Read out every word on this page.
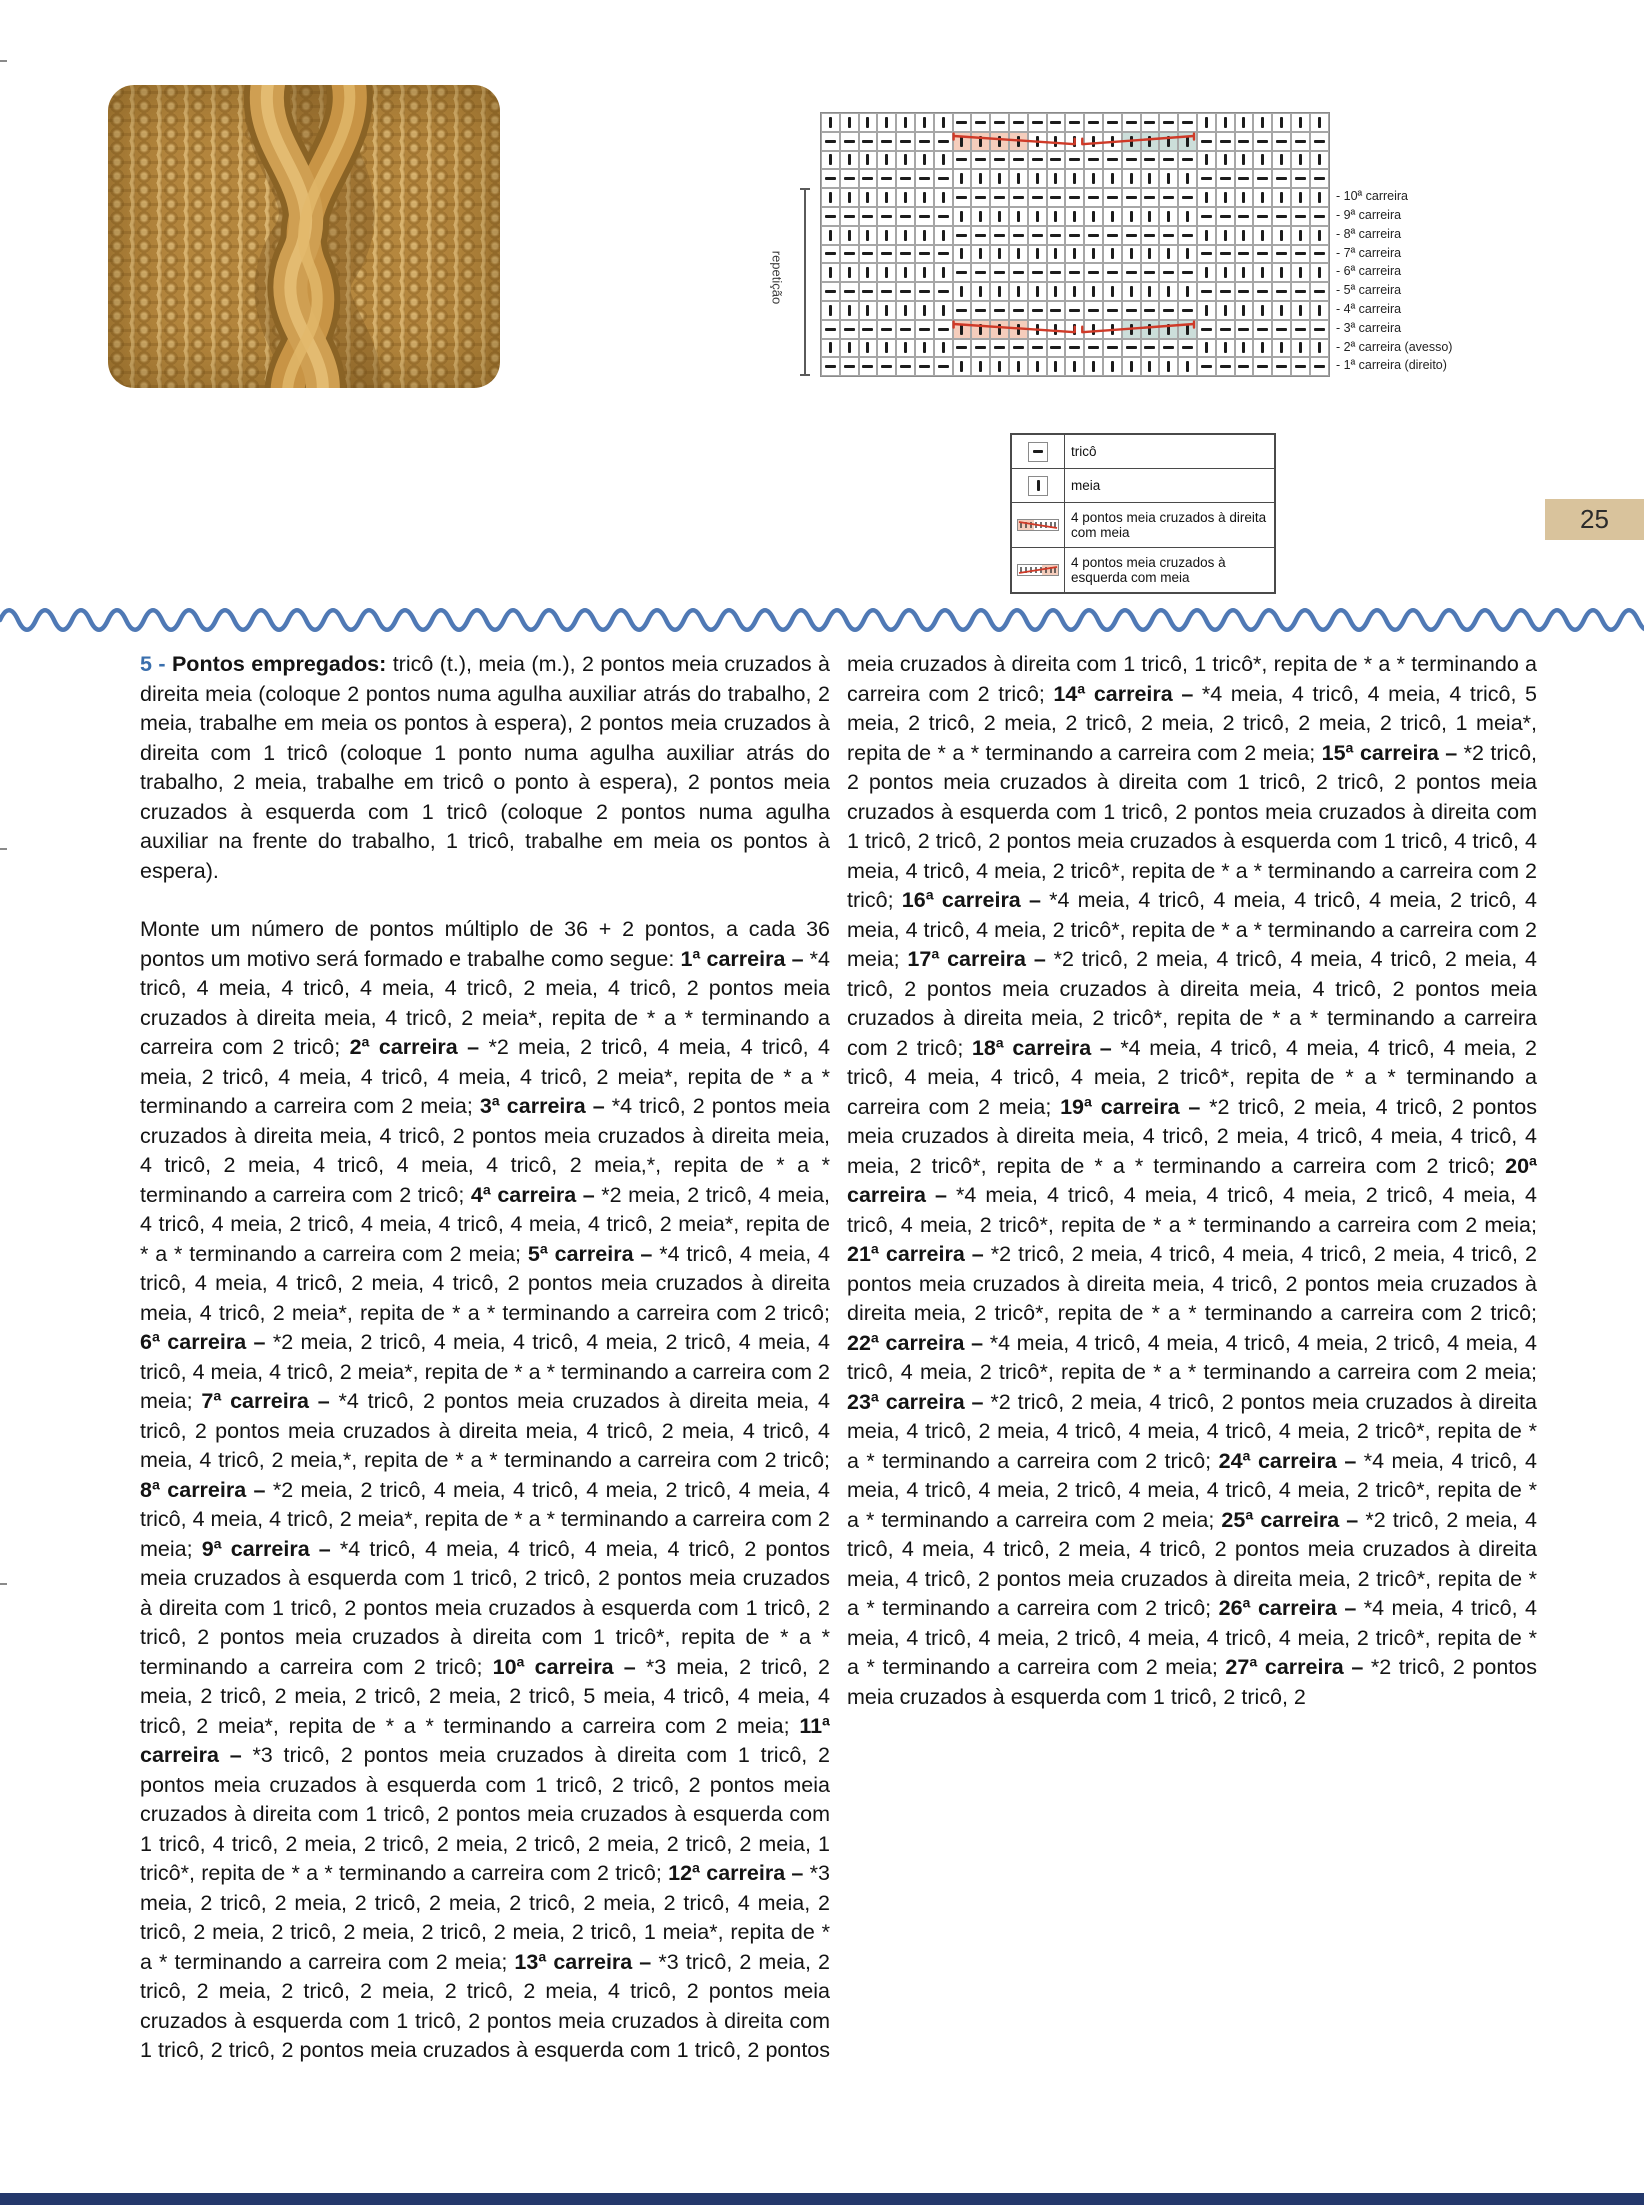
- 10ª carreira
- 9ª carreira
- 8ª carreira
- 7ª carreira
- 6ª carreira
- 5ª carreira
- 4ª carreira
- 3ª carreira
- 2ª carreira (avesso)
- 1ª carreira (direito)
repetição
tricô
meia
4 pontos meia cruzados à direita com meia
4 pontos meia cruzados à esquerda com meia
25

5 - Pontos empregados: tricô (t.), meia (m.), 2 pontos meia cruzados à direita meia (coloque 2 pontos numa agulha auxiliar atrás do trabalho, 2 meia, trabalhe em meia os pontos à espera), 2 pontos meia cruzados à direita com 1 tricô (coloque 1 ponto numa agulha auxiliar atrás do trabalho, 2 meia, trabalhe em tricô o ponto à espera), 2 pontos meia cruzados à esquerda com 1 tricô (coloque 2 pontos numa agulha auxiliar na frente do trabalho, 1 tricô, trabalhe em meia os pontos à espera).

Monte um número de pontos múltiplo de 36 + 2 pontos, a cada 36 pontos um motivo será formado e trabalhe como segue: 1ª carreira – *4 tricô, 4 meia, 4 tricô, 4 meia, 4 tricô, 2 meia, 4 tricô, 2 pontos meia cruzados à direita meia, 4 tricô, 2 meia*, repita de * a * terminando a carreira com 2 tricô; 2ª carreira – *2 meia, 2 tricô, 4 meia, 4 tricô, 4 meia, 2 tricô, 4 meia, 4 tricô, 4 meia, 4 tricô, 2 meia*, repita de * a * terminando a carreira com 2 meia; 3ª carreira – *4 tricô, 2 pontos meia cruzados à direita meia, 4 tricô, 2 pontos meia cruzados à direita meia, 4 tricô, 2 meia, 4 tricô, 4 meia, 4 tricô, 2 meia,*, repita de * a * terminando a carreira com 2 tricô; 4ª carreira – *2 meia, 2 tricô, 4 meia, 4 tricô, 4 meia, 2 tricô, 4 meia, 4 tricô, 4 meia, 4 tricô, 2 meia*, repita de * a * terminando a carreira com 2 meia; 5ª carreira – *4 tricô, 4 meia, 4 tricô, 4 meia, 4 tricô, 2 meia, 4 tricô, 2 pontos meia cruzados à direita meia, 4 tricô, 2 meia*, repita de * a * terminando a carreira com 2 tricô; 6ª carreira – *2 meia, 2 tricô, 4 meia, 4 tricô, 4 meia, 2 tricô, 4 meia, 4 tricô, 4 meia, 4 tricô, 2 meia*, repita de * a * terminando a carreira com 2 meia; 7ª carreira – *4 tricô, 2 pontos meia cruzados à direita meia, 4 tricô, 2 pontos meia cruzados à direita meia, 4 tricô, 2 meia, 4 tricô, 4 meia, 4 tricô, 2 meia,*, repita de * a * terminando a carreira com 2 tricô; 8ª carreira – *2 meia, 2 tricô, 4 meia, 4 tricô, 4 meia, 2 tricô, 4 meia, 4 tricô, 4 meia, 4 tricô, 2 meia*, repita de * a * terminando a carreira com 2 meia; 9ª carreira – *4 tricô, 4 meia, 4 tricô, 4 meia, 4 tricô, 2 pontos meia cruzados à esquerda com 1 tricô, 2 tricô, 2 pontos meia cruzados à direita com 1 tricô, 2 pontos meia cruzados à esquerda com 1 tricô, 2 tricô, 2 pontos meia cruzados à direita com 1 tricô*, repita de * a * terminando a carreira com 2 tricô; 10ª carreira – *3 meia, 2 tricô, 2 meia, 2 tricô, 2 meia, 2 tricô, 2 meia, 2 tricô, 5 meia, 4 tricô, 4 meia, 4 tricô, 2 meia*, repita de * a * terminando a carreira com 2 meia; 11ª carreira – *3 tricô, 2 pontos meia cruzados à direita com 1 tricô, 2 pontos meia cruzados à esquerda com 1 tricô, 2 tricô, 2 pontos meia cruzados à direita com 1 tricô, 2 pontos meia cruzados à esquerda com 1 tricô, 4 tricô, 2 meia, 2 tricô, 2 meia, 2 tricô, 2 meia, 2 tricô, 2 meia, 1 tricô*, repita de * a * terminando a carreira com 2 tricô; 12ª carreira – *3 meia, 2 tricô, 2 meia, 2 tricô, 2 meia, 2 tricô, 2 meia, 2 tricô, 4 meia, 2 tricô, 2 meia, 2 tricô, 2 meia, 2 tricô, 2 meia, 2 tricô, 1 meia*, repita de * a * terminando a carreira com 2 meia; 13ª carreira – *3 tricô, 2 meia, 2 tricô, 2 meia, 2 tricô, 2 meia, 2 tricô, 2 meia, 4 tricô, 2 pontos meia cruzados à esquerda com 1 tricô, 2 pontos meia cruzados à direita com 1 tricô, 2 tricô, 2 pontos meia cruzados à esquerda com 1 tricô, 2 pontos meia cruzados à direita com 1 tricô, 1 tricô*, repita de * a * terminando a carreira com 2 tricô; 14ª carreira – *4 meia, 4 tricô, 4 meia, 4 tricô, 5 meia, 2 tricô, 2 meia, 2 tricô, 2 meia, 2 tricô, 2 meia, 2 tricô, 1 meia*, repita de * a * terminando a carreira com 2 meia; 15ª carreira – *2 tricô, 2 pontos meia cruzados à direita com 1 tricô, 2 tricô, 2 pontos meia cruzados à esquerda com 1 tricô, 2 pontos meia cruzados à direita com 1 tricô, 2 tricô, 2 pontos meia cruzados à esquerda com 1 tricô, 4 tricô, 4 meia, 4 tricô, 4 meia, 2 tricô*, repita de * a * terminando a carreira com 2 tricô; 16ª carreira – *4 meia, 4 tricô, 4 meia, 4 tricô, 4 meia, 2 tricô, 4 meia, 4 tricô, 4 meia, 2 tricô*, repita de * a * terminando a carreira com 2 meia; 17ª carreira – *2 tricô, 2 meia, 4 tricô, 4 meia, 4 tricô, 2 meia, 4 tricô, 2 pontos meia cruzados à direita meia, 4 tricô, 2 pontos meia cruzados à direita meia, 2 tricô*, repita de * a * terminando a carreira com 2 tricô; 18ª carreira – *4 meia, 4 tricô, 4 meia, 4 tricô, 4 meia, 2 tricô, 4 meia, 4 tricô, 4 meia, 2 tricô*, repita de * a * terminando a carreira com 2 meia; 19ª carreira – *2 tricô, 2 meia, 4 tricô, 2 pontos meia cruzados à direita meia, 4 tricô, 2 meia, 4 tricô, 4 meia, 4 tricô, 4 meia, 2 tricô*, repita de * a * terminando a carreira com 2 tricô; 20ª carreira – *4 meia, 4 tricô, 4 meia, 4 tricô, 4 meia, 2 tricô, 4 meia, 4 tricô, 4 meia, 2 tricô*, repita de * a * terminando a carreira com 2 meia; 21ª carreira – *2 tricô, 2 meia, 4 tricô, 4 meia, 4 tricô, 2 meia, 4 tricô, 2 pontos meia cruzados à direita meia, 4 tricô, 2 pontos meia cruzados à direita meia, 2 tricô*, repita de * a * terminando a carreira com 2 tricô; 22ª carreira – *4 meia, 4 tricô, 4 meia, 4 tricô, 4 meia, 2 tricô, 4 meia, 4 tricô, 4 meia, 2 tricô*, repita de * a * terminando a carreira com 2 meia; 23ª carreira – *2 tricô, 2 meia, 4 tricô, 2 pontos meia cruzados à direita meia, 4 tricô, 2 meia, 4 tricô, 4 meia, 4 tricô, 4 meia, 2 tricô*, repita de * a * terminando a carreira com 2 tricô; 24ª carreira – *4 meia, 4 tricô, 4 meia, 4 tricô, 4 meia, 2 tricô, 4 meia, 4 tricô, 4 meia, 2 tricô*, repita de * a * terminando a carreira com 2 meia; 25ª carreira – *2 tricô, 2 meia, 4 tricô, 4 meia, 4 tricô, 2 meia, 4 tricô, 2 pontos meia cruzados à direita meia, 4 tricô, 2 pontos meia cruzados à direita meia, 2 tricô*, repita de * a * terminando a carreira com 2 tricô; 26ª carreira – *4 meia, 4 tricô, 4 meia, 4 tricô, 4 meia, 2 tricô, 4 meia, 4 tricô, 4 meia, 2 tricô*, repita de * a * terminando a carreira com 2 meia; 27ª carreira – *2 tricô, 2 pontos meia cruzados à esquerda com 1 tricô, 2 tricô, 2
